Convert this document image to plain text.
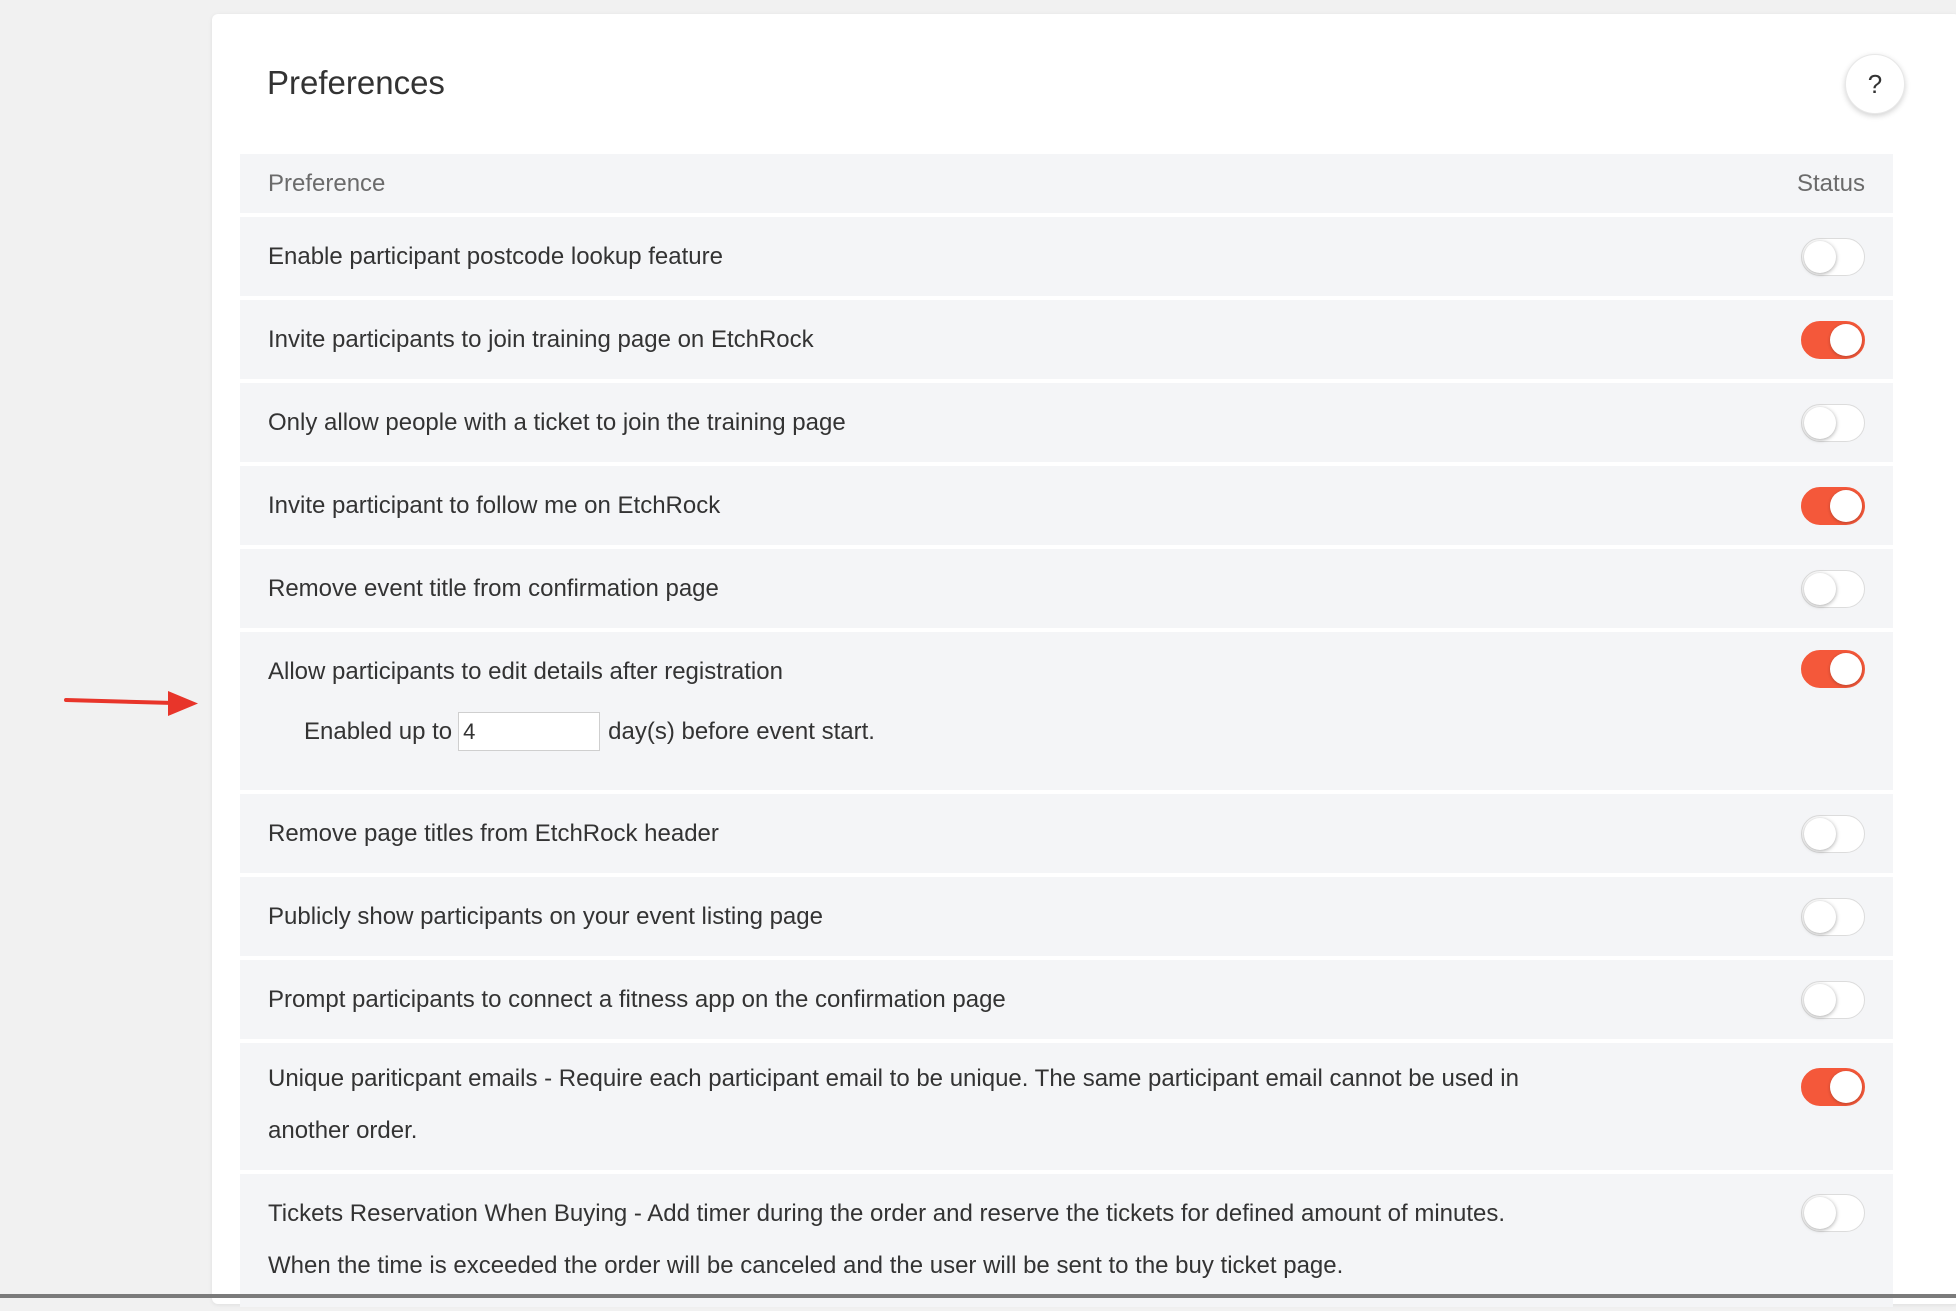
Preferences	?
Preference	Status
Enable participant postcode lookup feature
Invite participants to join training page on EtchRock
Only allow people with a ticket to join the training page
Invite participant to follow me on EtchRock
Remove event title from confirmation page
Allow participants to edit details after registration
Enabled up to
4	day(s) before event start.
Remove page titles from EtchRock header
Publicly show participants on your event listing page
Prompt participants to connect a fitness app on the confirmation page
Unique pariticpant emails - Require each participant email to be unique. The same participant email cannot be used in another order.
Tickets Reservation When Buying - Add timer during the order and reserve the tickets for defined amount of minutes. When the time is exceeded the order will be canceled and the user will be sent to the buy ticket page.
